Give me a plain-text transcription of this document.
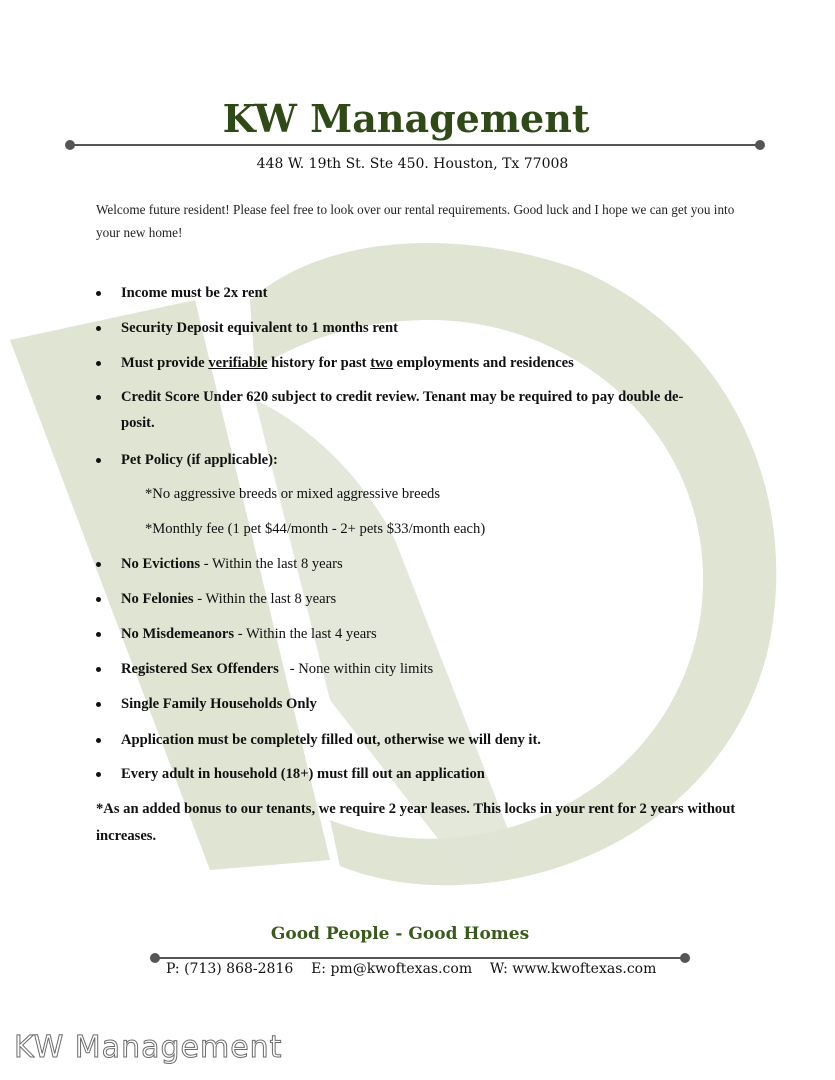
KW Management
448 W. 19th St. Ste 450. Houston, Tx 77008
Welcome future resident! Please feel free to look over our rental requirements. Good luck and I hope we can get you into your new home!
Income must be 2x rent
Security Deposit equivalent to 1 months rent
Must provide verifiable history for past two employments and residences
Credit Score Under 620 subject to credit review. Tenant may be required to pay double de-
posit.
Pet Policy (if applicable):
No Evictions - Within the last 8 years
No Felonies - Within the last 8 years
No Misdemeanors - Within the last 4 years
Registered Sex Offenders   - None within city limits
Single Family Households Only
Application must be completely filled out, otherwise we will deny it.
Every adult in household (18+) must fill out an application
*No aggressive breeds or mixed aggressive breeds
*Monthly fee (1 pet $44/month - 2+ pets $33/month each)
*As an added bonus to our tenants, we require 2 year leases. This locks in your rent for 2 years without increases.
Good People - Good Homes
P: (713) 868-2816    E: pm@kwoftexas.com    W: www.kwoftexas.com
KW Management
